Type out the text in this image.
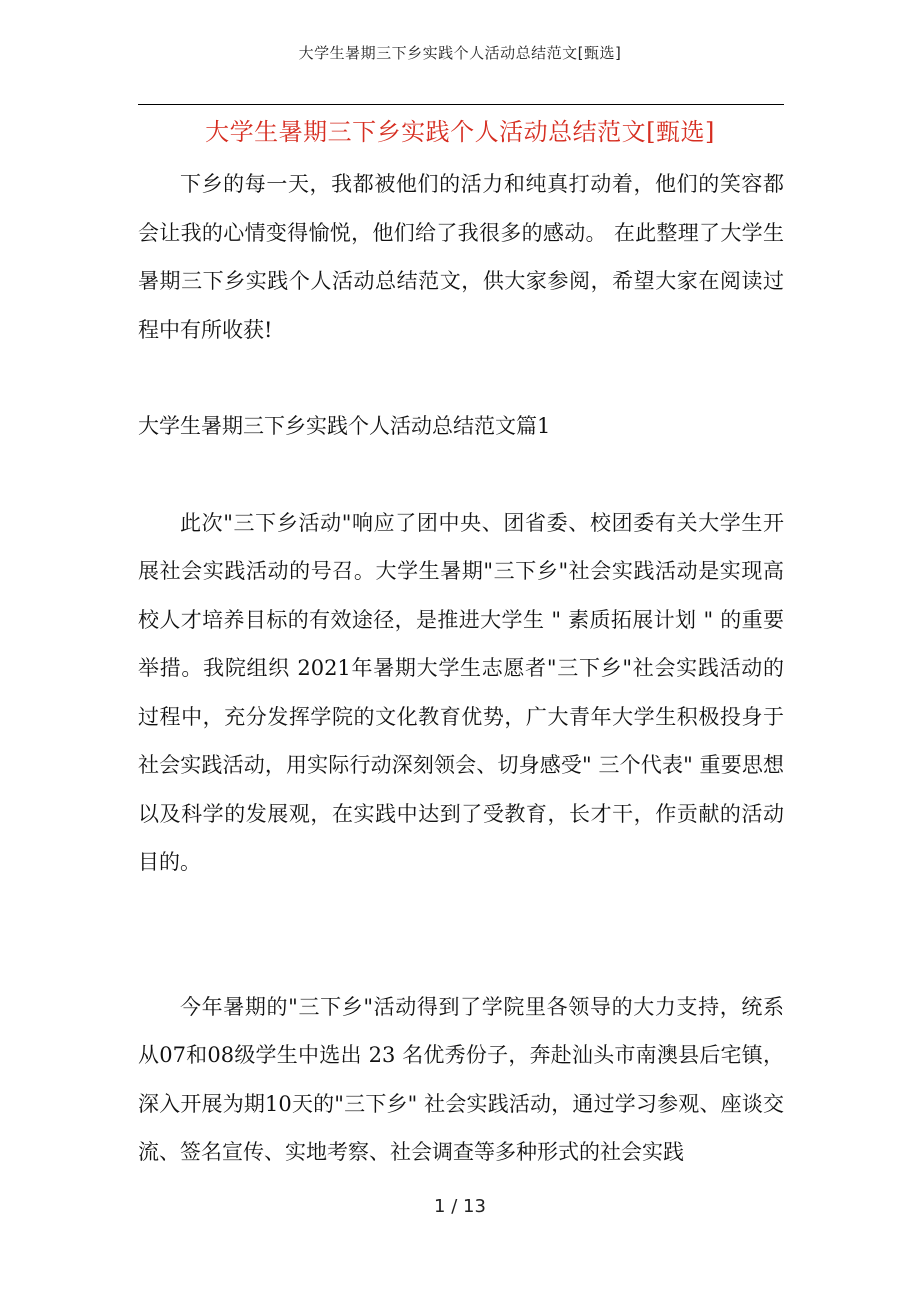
大学生暑期三下乡实践个人活动总结范文[甄选]
大学生暑期三下乡实践个人活动总结范文[甄选]

下乡的每一天，我都被他们的活力和纯真打动着，他们的笑容都会让我的心情变得愉悦，他们给了我很多的感动。 在此整理了大学生暑期三下乡实践个人活动总结范文，供大家参阅，希望大家在阅读过程中有所收获!

大学生暑期三下乡实践个人活动总结范文篇1

此次"三下乡活动"响应了团中央、团省委、校团委有关大学生开展社会实践活动的号召。大学生暑期"三下乡"社会实践活动是实现高校人才培养目标的有效途径，是推进大学生 " 素质拓展计划 " 的重要举措。我院组织 2021年暑期大学生志愿者"三下乡"社会实践活动的过程中，充分发挥学院的文化教育优势，广大青年大学生积极投身于社会实践活动，用实际行动深刻领会、切身感受" 三个代表" 重要思想以及科学的发展观，在实践中达到了受教育，长才干，作贡献的活动目的。

今年暑期的"三下乡"活动得到了学院里各领导的大力支持，统系从07和08级学生中选出 23 名优秀份子，奔赴汕头市南澳县后宅镇，深入开展为期10天的"三下乡" 社会实践活动，通过学习参观、座谈交流、签名宣传、实地考察、社会调查等多种形式的社会实践

1 / 13
